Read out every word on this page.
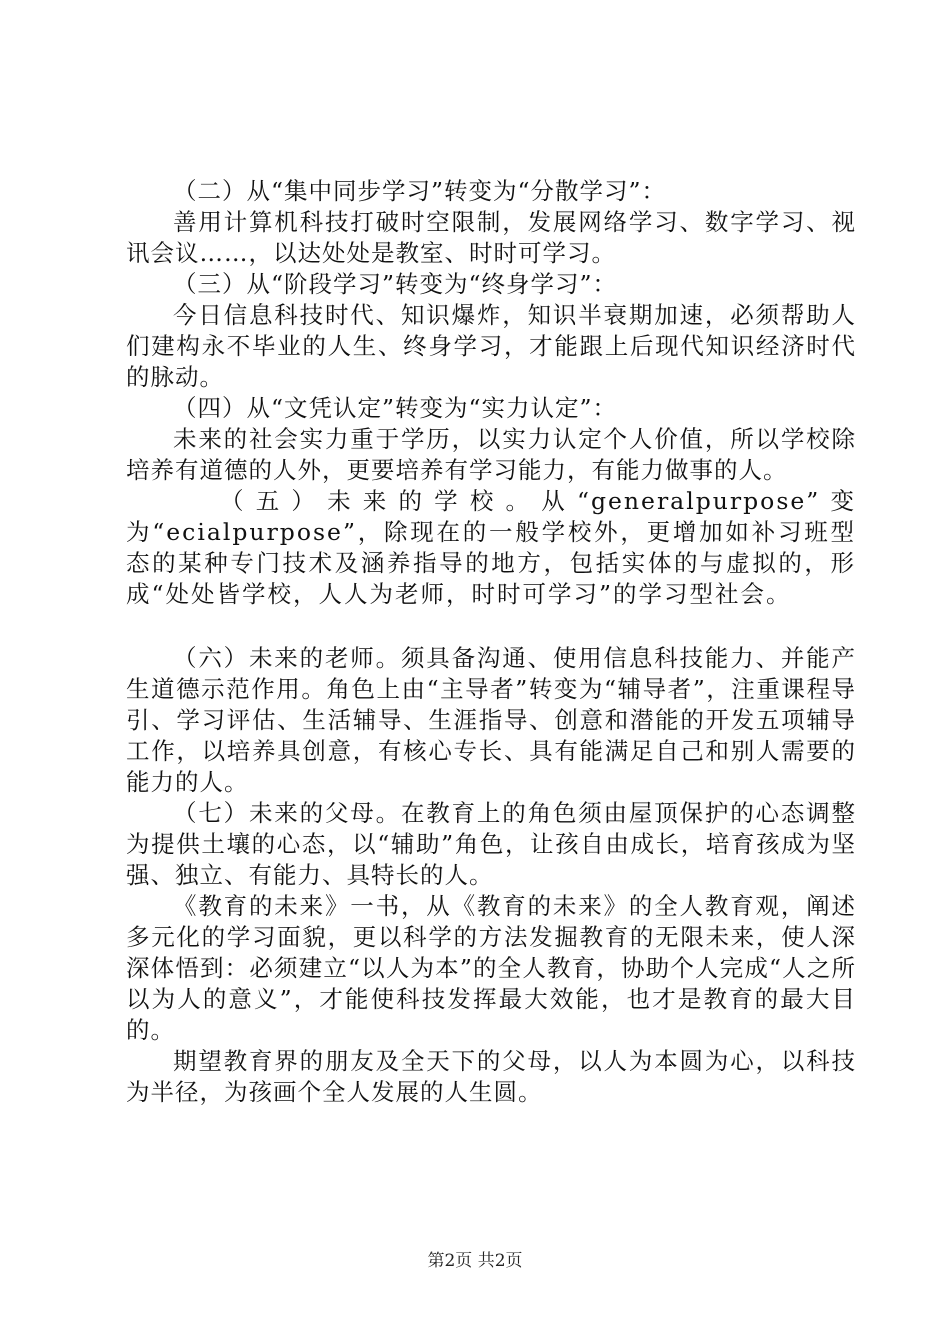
（二）从“集中同步学习”转变为“分散学习”：

善用计算机科技打破时空限制，发展网络学习、数字学习、视讯会议……，以达处处是教室、时时可学习。

（三）从“阶段学习”转变为“终身学习”：

今日信息科技时代、知识爆炸，知识半衰期加速，必须帮助人们建构永不毕业的人生、终身学习，才能跟上后现代知识经济时代的脉动。

（四）从“文凭认定”转变为“实力认定”：

未来的社会实力重于学历，以实力认定个人价值，所以学校除培养有道德的人外，更要培养有学习能力，有能力做事的人。

（五）未来的学校。从“generalpurpose”变为“ecialpurpose”，除现在的一般学校外，更增加如补习班型态的某种专门技术及涵养指导的地方，包括实体的与虚拟的，形成“处处皆学校，人人为老师，时时可学习”的学习型社会。

（六）未来的老师。须具备沟通、使用信息科技能力、并能产生道德示范作用。角色上由“主导者”转变为“辅导者”，注重课程导引、学习评估、生活辅导、生涯指导、创意和潜能的开发五项辅导工作，以培养具创意，有核心专长、具有能满足自己和别人需要的能力的人。

（七）未来的父母。在教育上的角色须由屋顶保护的心态调整为提供土壤的心态，以“辅助”角色，让孩自由成长，培育孩成为坚强、独立、有能力、具特长的人。

《教育的未来》一书，从《教育的未来》的全人教育观，阐述多元化的学习面貌，更以科学的方法发掘教育的无限未来，使人深深体悟到：必须建立“以人为本”的全人教育，协助个人完成“人之所以为人的意义”，才能使科技发挥最大效能，也才是教育的最大目的。

期望教育界的朋友及全天下的父母，以人为本圆为心，以科技为半径，为孩画个全人发展的人生圆。

第2页 共2页
